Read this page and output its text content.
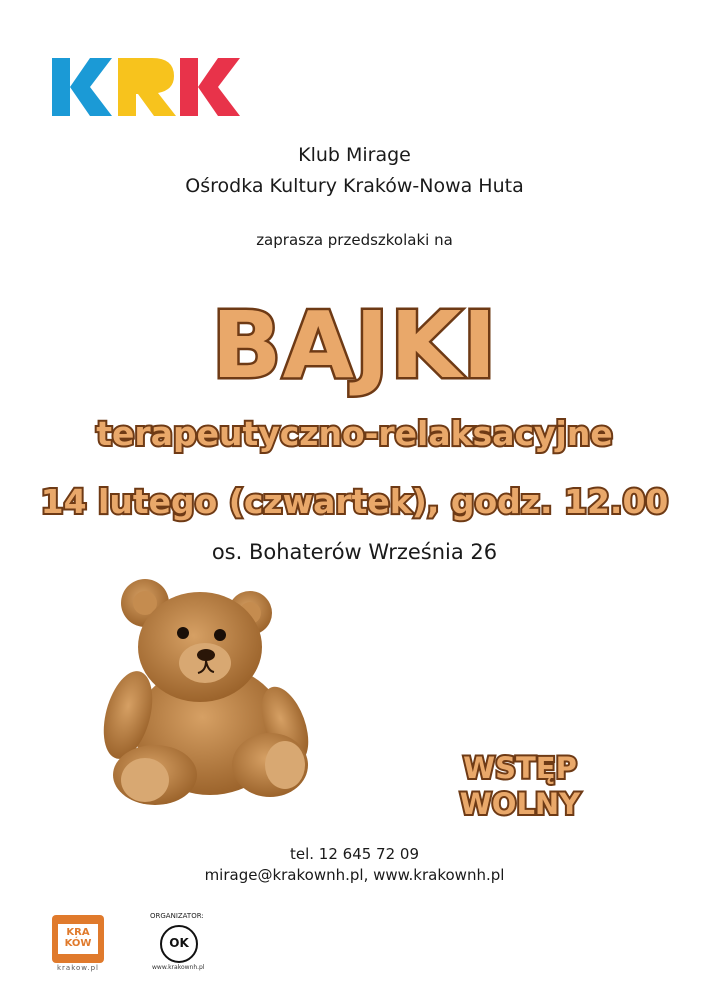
Klub Mirage
Ośrodka Kultury Kraków-Nowa Huta
zaprasza przedszkolaki na
BAJKI
terapeutyczno-relaksacyjne
14 lutego (czwartek), godz. 12.00
os. Bohaterów Września 26
WSTĘP WOLNY
tel. 12 645 72 09
mirage@krakownh.pl, www.krakownh.pl
KRA
KÓW
krakow.pl
ORGANIZATOR:
OK
www.krakownh.pl
